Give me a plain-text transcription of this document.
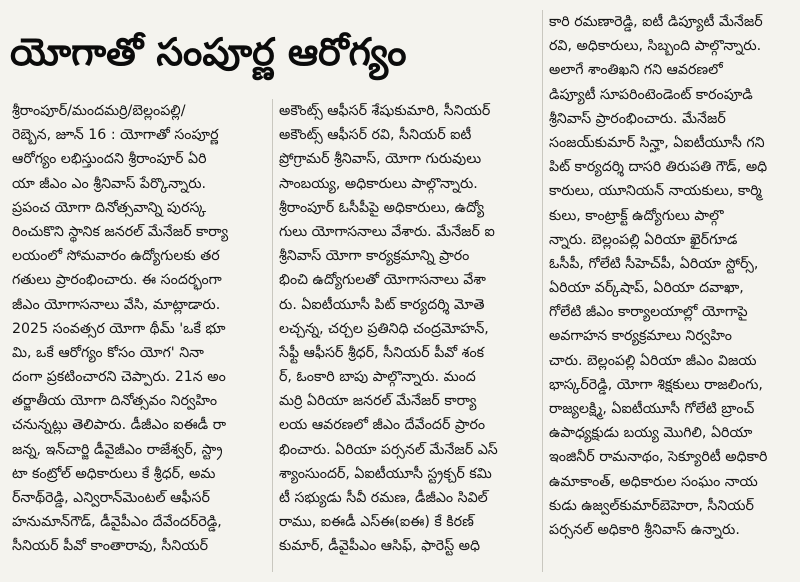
యోగాతో సంపూర్ణ ఆరోగ్యం
శ్రీరాంపూర్/మందమర్రి/బెల్లంపల్లి/
రెబ్బెన, జూన్ 16 : యోగాతో సంపూర్ణ
ఆరోగ్యం లభిస్తుందని శ్రీరాంపూర్ ఏరి
యా జీఎం ఎం శ్రీనివాస్ పేర్కొన్నారు.
ప్రపంచ యోగా దినోత్సవాన్ని పురస్క
రించుకొని స్థానిక జనరల్ మేనేజర్ కార్యా
లయంలో సోమవారం ఉద్యోగులకు తర
గతులు ప్రారంభించారు. ఈ సందర్భంగా
జీఎం యోగాసనాలు వేసి, మాట్లాడారు.
2025 సంవత్సర యోగా థీమ్ 'ఒకే భూ
మి, ఒకే ఆరోగ్యం కోసం యోగ' నినా
దంగా ప్రకటించారని చెప్పారు. 21న అం
తర్జాతీయ యోగా దినోత్సవం నిర్వహిం
చనున్నట్లు తెలిపారు. డీజీఎం ఐఈడీ రా
జన్న, ఇన్‌చార్జి డీవైజీఎం రాజేశ్వర్, స్ట్రా
టా కంట్రోల్ అధికారులు కే శ్రీధర్, అమ
ర్‌నాథ్‌రెడ్డి, ఎన్విరాన్‌మెంటల్ ఆఫీసర్
హనుమాన్‌గౌడ్, డీవైపీఎం దేవేందర్‌రెడ్డి,
సీనియర్ పీవో కాంతారావు, సీనియర్
అకౌంట్స్ ఆఫీసర్ శేషుకుమారి, సీనియర్
అకౌంట్స్ ఆఫీసర్ రవి, సీనియర్ ఐటీ
ప్రోగ్రామర్ శ్రీనివాస్, యోగా గురువులు
సాంబయ్య, అధికారులు పాల్గొన్నారు.
శ్రీరాంపూర్ ఓసీపీపై అధికారులు, ఉద్యో
గులు యోగాసనాలు వేశారు. మేనేజర్ ఐ
శ్రీనివాస్ యోగా కార్యక్రమాన్ని ప్రారం
భించి ఉద్యోగులతో యోగాసనాలు వేశా
రు. ఏఐటీయూసీ పిట్ కార్యదర్శి మోతె
లచ్చన్న, చర్చల ప్రతినిధి చంద్రమోహన్,
సేఫ్టీ ఆఫీసర్ శ్రీధర్, సీనియర్ పీవో శంక
ర్, ఓంకారి బాపు పాల్గొన్నారు. మంద
మర్రి ఏరియా జనరల్ మేనేజర్ కార్యా
లయ ఆవరణలో జీఎం దేవేందర్ ప్రారం
భించారు. ఏరియా పర్సనల్ మేనేజర్ ఎస్
శ్యాంసుందర్, ఏఐటీయూసీ స్ట్రక్చర్ కమి
టీ సభ్యుడు సీవీ రమణ, డీజీఎం సివిల్
రాము, ఐఈడీ ఎస్ఈ(ఐఈ) కే కిరణ్
కుమార్, డీవైపీఎం ఆసిఫ్, ఫారెస్ట్ అధి
కారి రమణారెడ్డి, ఐటీ డిప్యూటీ మేనేజర్
రవి, అధికారులు, సిబ్బంది పాల్గొన్నారు.
అలాగే శాంతిఖని గని ఆవరణలో
డిప్యూటీ సూపరింటెండెంట్ కారంపూడి
శ్రీనివాస్ ప్రారంభించారు. మేనేజర్
సంజయ్‌కుమార్ సిన్హా, ఏఐటీయూసీ గని
పిట్ కార్యదర్శి దాసరి తిరుపతి గౌడ్, అధి
కారులు, యూనియన్ నాయకులు, కార్మి
కులు, కాంట్రాక్ట్ ఉద్యోగులు పాల్గొ
న్నారు. బెల్లంపల్లి ఏరియా ఖైర్‌గూడ
ఓసీపీ, గోలేటి సీహెచ్‌పీ, ఏరియా స్టోర్స్,
ఏరియా వర్క్‌షాప్, ఏరియా దవాఖా,
గోలేటి జీఎం కార్యాలయాల్లో యోగాపై
అవగాహన కార్యక్రమాలు నిర్వహిం
చారు. బెల్లంపల్లి ఏరియా జీఎం విజయ
భాస్కర్‌రెడ్డి, యోగా శిక్షకులు రాజలింగు,
రాజ్యలక్ష్మి, ఏఐటీయూసీ గోలేటి బ్రాంచ్
ఉపాధ్యక్షుడు బయ్య మొగిలి, ఏరియా
ఇంజినీర్ రామనాథం, సెక్యూరిటీ అధికారి
ఉమాకాంత్, అధికారుల సంఘం నాయ
కుడు ఉజ్వల్‌కుమార్‌బెహెరా, సీనియర్
పర్సనల్ అధికారి శ్రీనివాస్ ఉన్నారు.
